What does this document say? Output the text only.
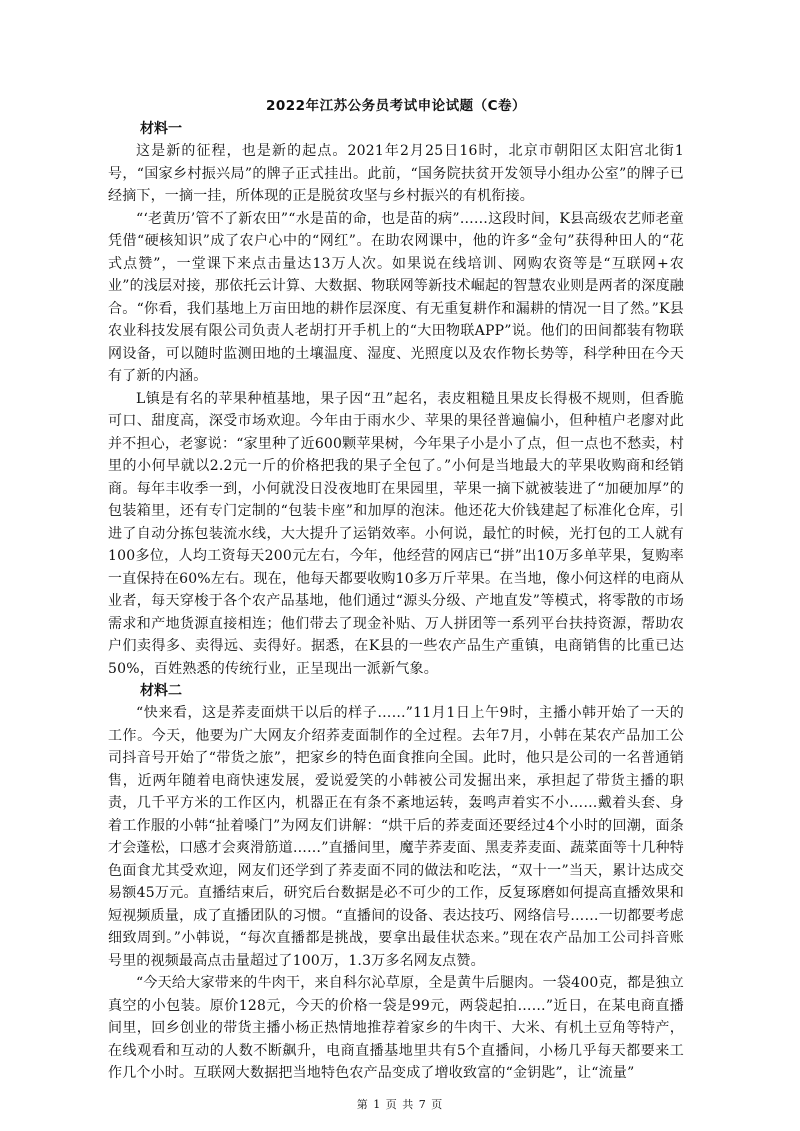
2022年江苏公务员考试申论试题（C卷）
材料一

这是新的征程，也是新的起点。2021年2月25日16时，北京市朝阳区太阳宫北街1号，“国家乡村振兴局”的牌子正式挂出。此前，“国务院扶贫开发领导小组办公室”的牌子已经摘下，一摘一挂，所体现的正是脱贫攻坚与乡村振兴的有机衔接。

“‘老黄历’管不了新农田”“水是苗的命，也是苗的病”……这段时间，K县高级农艺师老童凭借“硬核知识”成了农户心中的“网红”。在助农网课中，他的许多“金句”获得种田人的“花式点赞”，一堂课下来点击量达13万人次。如果说在线培训、网购农资等是“互联网+农业”的浅层对接，那依托云计算、大数据、物联网等新技术崛起的智慧农业则是两者的深度融合。“你看，我们基地上万亩田地的耕作层深度、有无重复耕作和漏耕的情况一目了然。”K县农业科技发展有限公司负责人老胡打开手机上的“大田物联APP”说。他们的田间都装有物联网设备，可以随时监测田地的土壤温度、湿度、光照度以及农作物长势等，科学种田在今天有了新的内涵。

L镇是有名的苹果种植基地，果子因“丑”起名，表皮粗糙且果皮长得极不规则，但香脆可口、甜度高，深受市场欢迎。今年由于雨水少、苹果的果径普遍偏小，但种植户老廖对此并不担心，老寥说：“家里种了近600颗苹果树，今年果子小是小了点，但一点也不愁卖，村里的小何早就以2.2元一斤的价格把我的果子全包了。”小何是当地最大的苹果收购商和经销商。每年丰收季一到，小何就没日没夜地盯在果园里，苹果一摘下就被装进了“加硬加厚”的包装箱里，还有专门定制的“包装卡座”和加厚的泡沫。他还花大价钱建起了标准化仓库，引进了自动分拣包装流水线，大大提升了运销效率。小何说，最忙的时候，光打包的工人就有100多位，人均工资每天200元左右，今年，他经营的网店已“拼”出10万多单苹果，复购率一直保持在60%左右。现在，他每天都要收购10多万斤苹果。在当地，像小何这样的电商从业者，每天穿梭于各个农产品基地，他们通过“源头分级、产地直发”等模式，将零散的市场需求和产地货源直接相连；他们带去了现金补贴、万人拼团等一系列平台扶持资源，帮助农户们卖得多、卖得远、卖得好。据悉，在K县的一些农产品生产重镇，电商销售的比重已达50%，百姓熟悉的传统行业，正呈现出一派新气象。

材料二

“快来看，这是荞麦面烘干以后的样子……”11月1日上午9时，主播小韩开始了一天的工作。今天，他要为广大网友介绍荞麦面制作的全过程。去年7月，小韩在某农产品加工公司抖音号开始了“带货之旅”，把家乡的特色面食推向全国。此时，他只是公司的一名普通销售，近两年随着电商快速发展，爱说爱笑的小韩被公司发掘出来，承担起了带货主播的职责，几千平方米的工作区内，机器正在有条不紊地运转，轰鸣声着实不小……戴着头套、身着工作服的小韩“扯着嗓门”为网友们讲解：“烘干后的荞麦面还要经过4个小时的回潮，面条才会蓬松，口感才会爽滑筋道……”直播间里，魔芋荞麦面、黑麦荞麦面、蔬菜面等十几种特色面食尤其受欢迎，网友们还学到了荞麦面不同的做法和吃法，“双十一”当天，累计达成交易额45万元。直播结束后，研究后台数据是必不可少的工作，反复琢磨如何提高直播效果和短视频质量，成了直播团队的习惯。“直播间的设备、表达技巧、网络信号……一切都要考虑细致周到。”小韩说，“每次直播都是挑战，要拿出最佳状态来。”现在农产品加工公司抖音账号里的视频最高点击量超过了100万，1.3万多名网友点赞。

“今天给大家带来的牛肉干，来自科尔沁草原，全是黄牛后腿肉。一袋400克，都是独立真空的小包装。原价128元，今天的价格一袋是99元，两袋起拍……”近日，在某电商直播间里，回乡创业的带货主播小杨正热情地推荐着家乡的牛肉干、大米、有机土豆角等特产，在线观看和互动的人数不断飙升，电商直播基地里共有5个直播间，小杨几乎每天都要来工作几个小时。互联网大数据把当地特色农产品变成了增收致富的“金钥匙”，让“流量”

第 1 页 共 7 页
